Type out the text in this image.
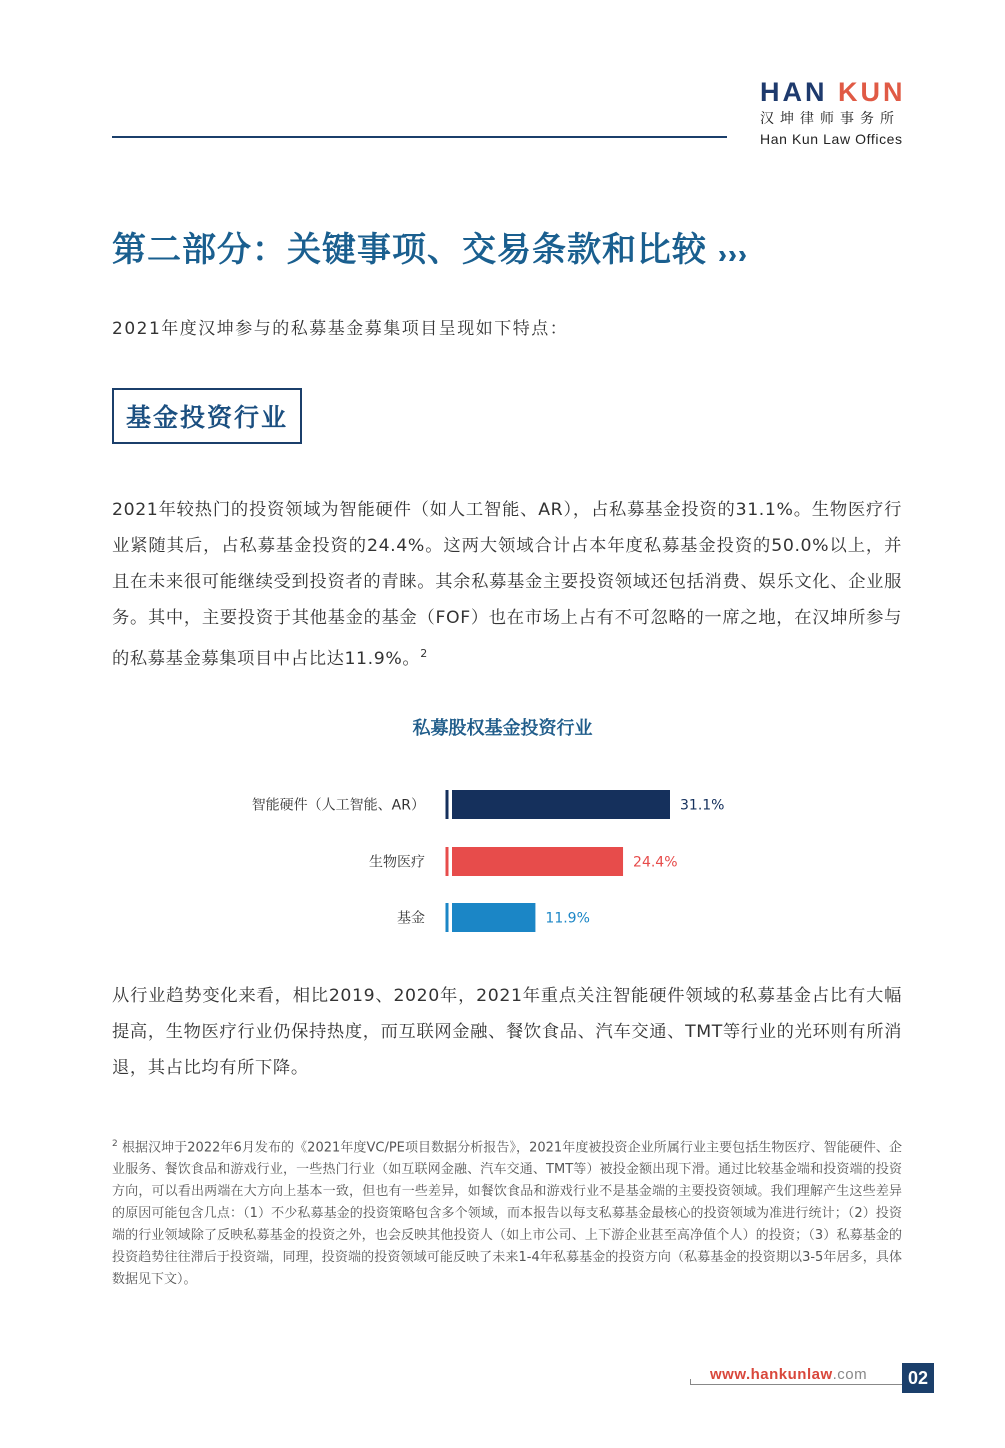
HAN KUN
汉坤律师事务所
Han Kun Law Offices
第二部分：关键事项、交易条款和比较
2021年度汉坤参与的私募基金募集项目呈现如下特点：
基金投资行业
2021年较热门的投资领域为智能硬件（如人工智能、AR），占私募基金投资的31.1%。生物医疗行业紧随其后，占私募基金投资的24.4%。这两大领域合计占本年度私募基金投资的50.0%以上，并且在未来很可能继续受到投资者的青睐。其余私募基金主要投资领域还包括消费、娱乐文化、企业服务。其中，主要投资于其他基金的基金（FOF）也在市场上占有不可忽略的一席之地，在汉坤所参与的私募基金募集项目中占比达11.9%。$^2$
私募股权基金投资行业
智能硬件（人工智能、AR）	31.1%
生物医疗	24.4%
基金	11.9%
从行业趋势变化来看，相比2019、2020年，2021年重点关注智能硬件领域的私募基金占比有大幅提高，生物医疗行业仍保持热度，而互联网金融、餐饮食品、汽车交通、TMT等行业的光环则有所消退，其占比均有所下降。
$^2$ 根据汉坤于2022年6月发布的《2021年度VC/PE项目数据分析报告》，2021年度被投资企业所属行业主要包括生物医疗、智能硬件、企业服务、餐饮食品和游戏行业，一些热门行业（如互联网金融、汽车交通、TMT等）被投金额出现下滑。通过比较基金端和投资端的投资方向，可以看出两端在大方向上基本一致，但也有一些差异，如餐饮食品和游戏行业不是基金端的主要投资领域。我们理解产生这些差异的原因可能包含几点：（1）不少私募基金的投资策略包含多个领域，而本报告以每支私募基金最核心的投资领域为准进行统计；（2）投资端的行业领域除了反映私募基金的投资之外，也会反映其他投资人（如上市公司、上下游企业甚至高净值个人）的投资；（3）私募基金的投资趋势往往滞后于投资端，同理，投资端的投资领域可能反映了未来1-4年私募基金的投资方向（私募基金的投资期以3-5年居多，具体数据见下文）。
www.hankunlaw.com	02
